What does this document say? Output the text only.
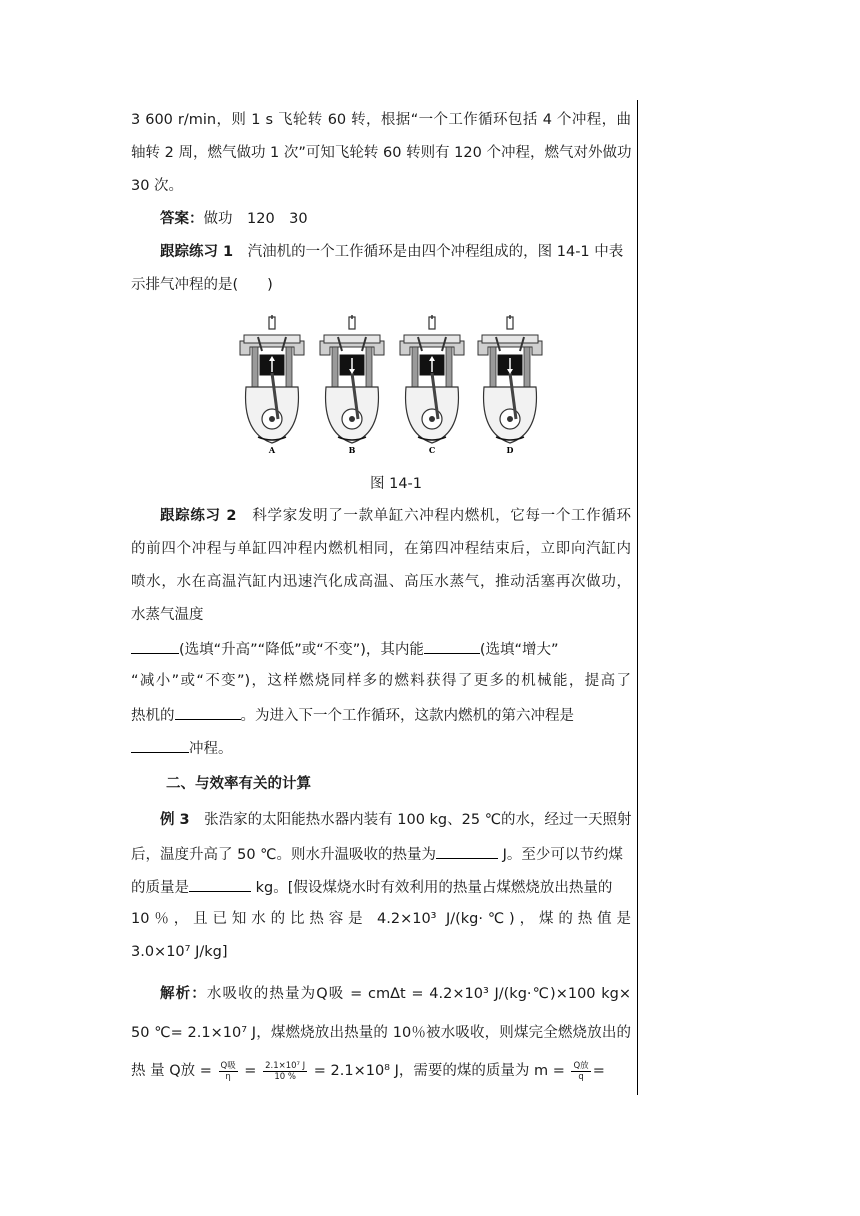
3 600 r/min，则 1 s 飞轮转 60 转，根据“一个工作循环包括 4 个冲程，曲
轴转 2 周，燃气做功 1 次”可知飞轮转 60 转则有 120 个冲程，燃气对外做功
30 次。
答案：做功　120　30
跟踪练习 1　 汽油机的一个工作循环是由四个冲程组成的，图 14-1 中表
示排气冲程的是(　　)
A	B	C	D
图 14-1
跟踪练习 2　 科学家发明了一款单缸六冲程内燃机，它每一个工作循环
的前四个冲程与单缸四冲程内燃机相同，在第四冲程结束后，立即向汽缸内
喷水，水在高温汽缸内迅速汽化成高温、高压水蒸气，推动活塞再次做功，
水蒸气温度
(选填“升高”“降低”或“不变”)，其内能	(选填“增大”
“减小”或“不变”)，这样燃烧同样多的燃料获得了更多的机械能，提高了
热机的	。为进入下一个工作循环，这款内燃机的第六冲程是
冲程。
二、与效率有关的计算
例 3　 张浩家的太阳能热水器内装有 100 kg、25 ℃的水，经过一天照射
后，温度升高了 50 ℃。则水升温吸收的热量为	J。至少可以节约煤
的质量是	kg。[假设煤烧水时有效利用的热量占煤燃烧放出热量的
10％，且已知水的比热容是 4.2×10³ J/(kg·℃)，煤的热值是
3.0×10⁷ J/kg]
解析：水吸收的热量为Q吸 = cmΔt = 4.2×10³ J/(kg·℃)×100 kg×
50 ℃= 2.1×10⁷ J，煤燃烧放出热量的 10％被水吸收，则煤完全燃烧放出的
热 量 Q放 = $\frac{\text{Q吸}}{\eta} = \frac{\text{2.1×10⁷ J}}{10 \%} = 2.1\times 10^8$ J，需要的煤的质量为 $m = \frac{\text{Q放}}{q}$ =
